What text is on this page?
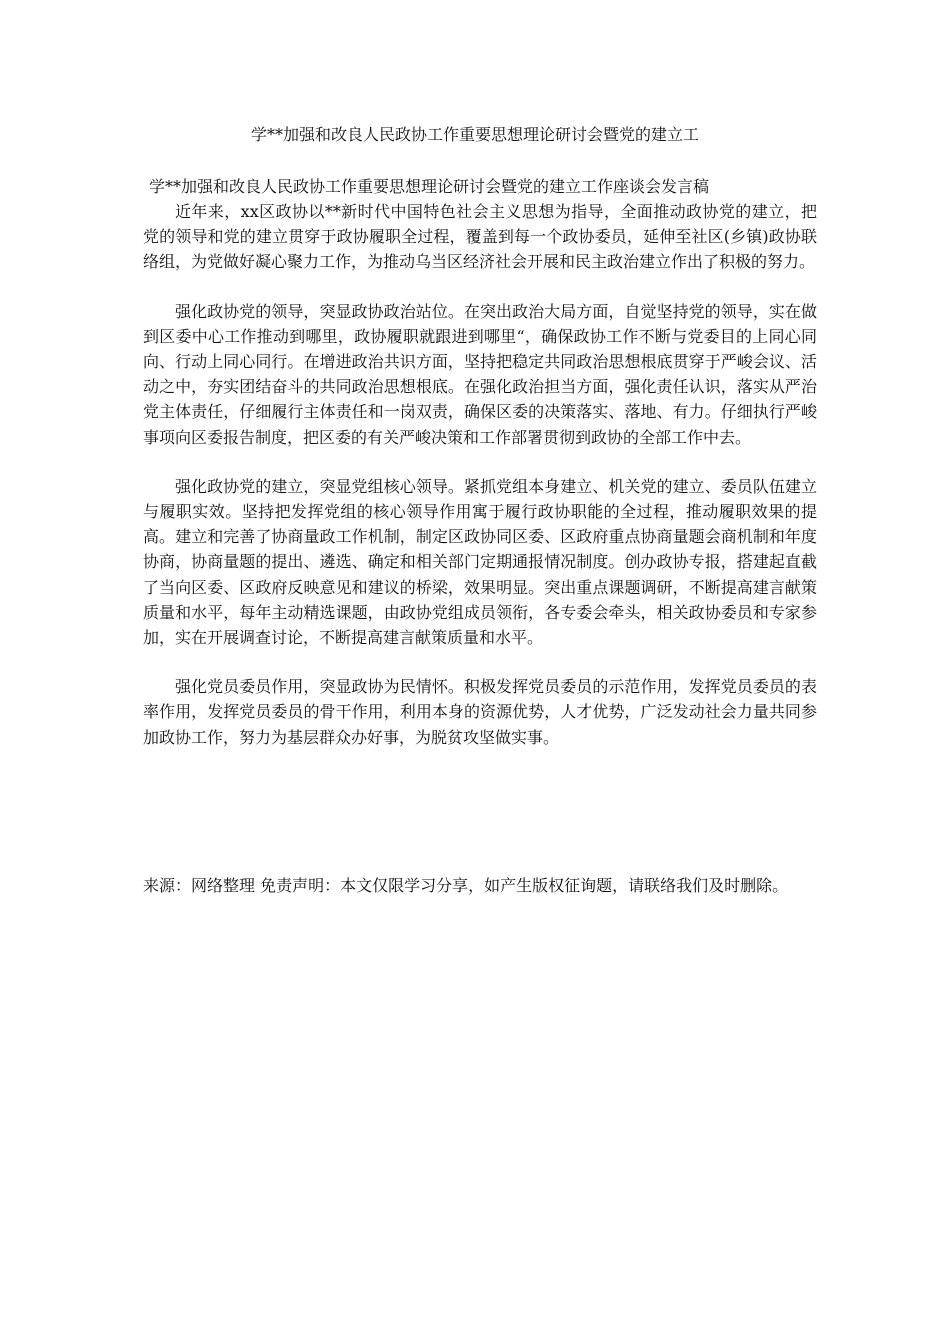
学**加强和改良人民政协工作重要思想理论研讨会暨党的建立工

学**加强和改良人民政协工作重要思想理论研讨会暨党的建立工作座谈会发言稿

近年来，xx区政协以**新时代中国特色社会主义思想为指导，全面推动政协党的建立，把党的领导和党的建立贯穿于政协履职全过程，覆盖到每一个政协委员，延伸至社区(乡镇)政协联络组，为党做好凝心聚力工作，为推动乌当区经济社会开展和民主政治建立作出了积极的努力。

强化政协党的领导，突显政协政治站位。在突出政治大局方面，自觉坚持党的领导，实在做到区委中心工作推动到哪里，政协履职就跟进到哪里“，确保政协工作不断与党委目的上同心同向、行动上同心同行。在增进政治共识方面，坚持把稳定共同政治思想根底贯穿于严峻会议、活动之中，夯实团结奋斗的共同政治思想根底。在强化政治担当方面，强化责任认识，落实从严治党主体责任，仔细履行主体责任和一岗双责，确保区委的决策落实、落地、有力。仔细执行严峻事项向区委报告制度，把区委的有关严峻决策和工作部署贯彻到政协的全部工作中去。

强化政协党的建立，突显党组核心领导。紧抓党组本身建立、机关党的建立、委员队伍建立与履职实效。坚持把发挥党组的核心领导作用寓于履行政协职能的全过程，推动履职效果的提高。建立和完善了协商量政工作机制，制定区政协同区委、区政府重点协商量题会商机制和年度协商，协商量题的提出、遴选、确定和相关部门定期通报情况制度。创办政协专报，搭建起直截了当向区委、区政府反映意见和建议的桥梁，效果明显。突出重点课题调研，不断提高建言献策质量和水平，每年主动精选课题，由政协党组成员领衔，各专委会牵头，相关政协委员和专家参加，实在开展调查讨论，不断提高建言献策质量和水平。

强化党员委员作用，突显政协为民情怀。积极发挥党员委员的示范作用，发挥党员委员的表率作用，发挥党员委员的骨干作用，利用本身的资源优势，人才优势，广泛发动社会力量共同参加政协工作，努力为基层群众办好事，为脱贫攻坚做实事。

来源：网络整理 免责声明：本文仅限学习分享，如产生版权征询题，请联络我们及时删除。
